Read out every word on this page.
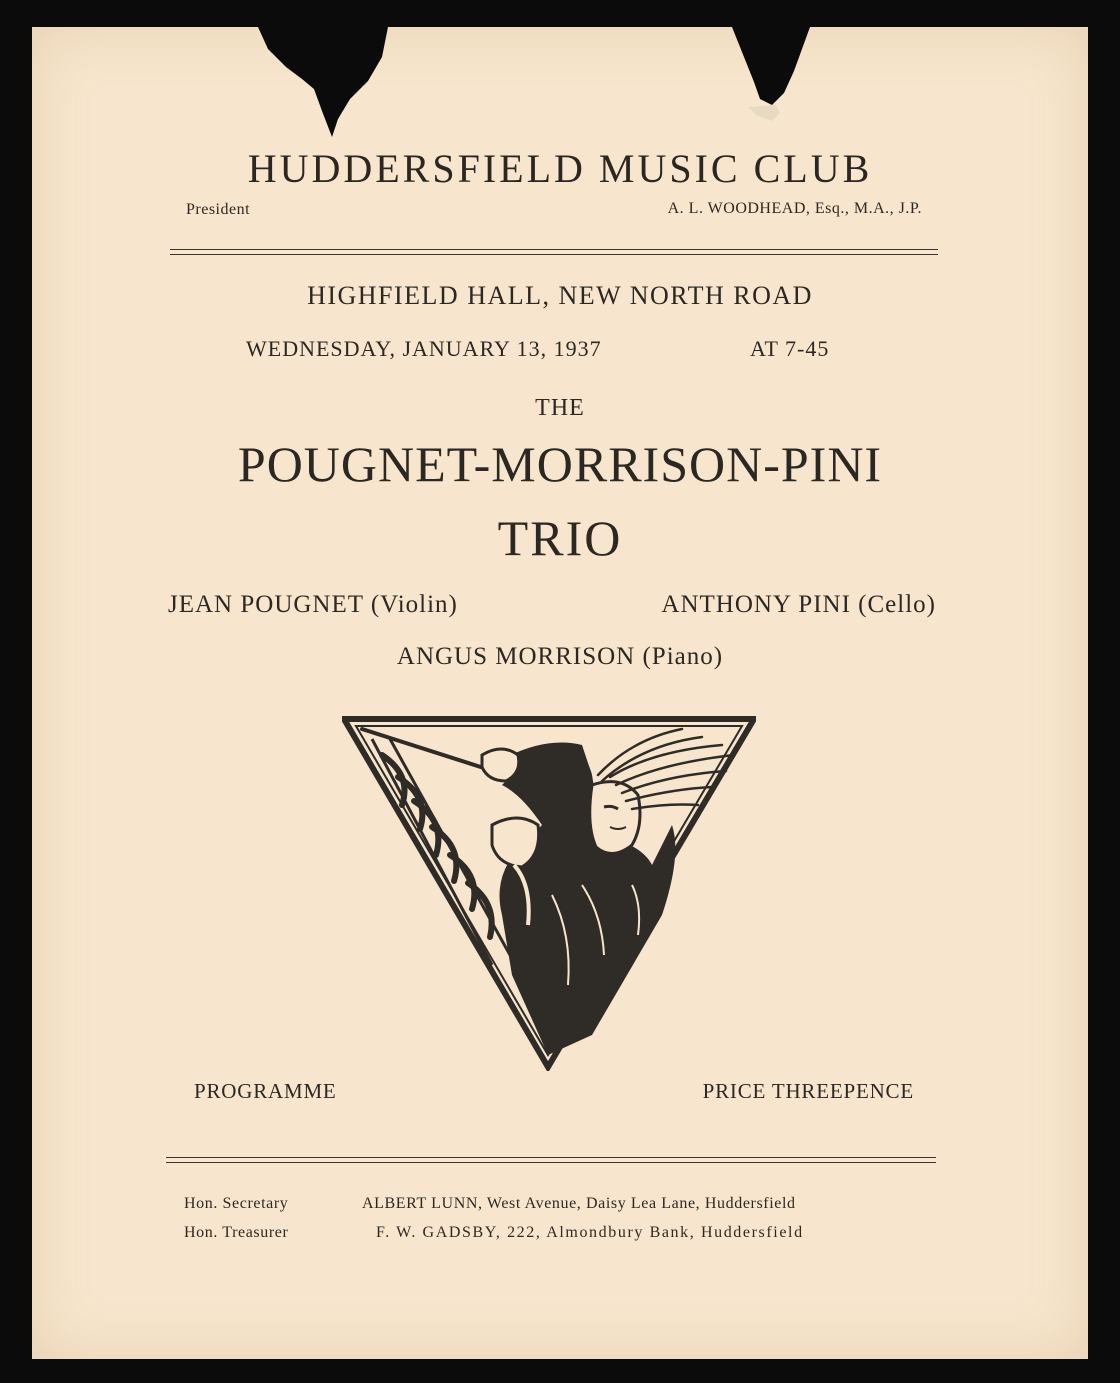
HUDDERSFIELD MUSIC CLUB
President	A. L. WOODHEAD, Esq., M.A., J.P.
HIGHFIELD HALL, NEW NORTH ROAD
WEDNESDAY, JANUARY 13, 1937	AT 7-45
THE
POUGNET-MORRISON-PINI
TRIO
JEAN POUGNET (Violin)	ANTHONY PINI (Cello)
ANGUS MORRISON (Piano)
PROGRAMME	PRICE THREEPENCE
Hon. Secretary	ALBERT LUNN, West Avenue, Daisy Lea Lane, Huddersfield
Hon. Treasurer	F. W. GADSBY, 222, Almondbury Bank, Huddersfield
